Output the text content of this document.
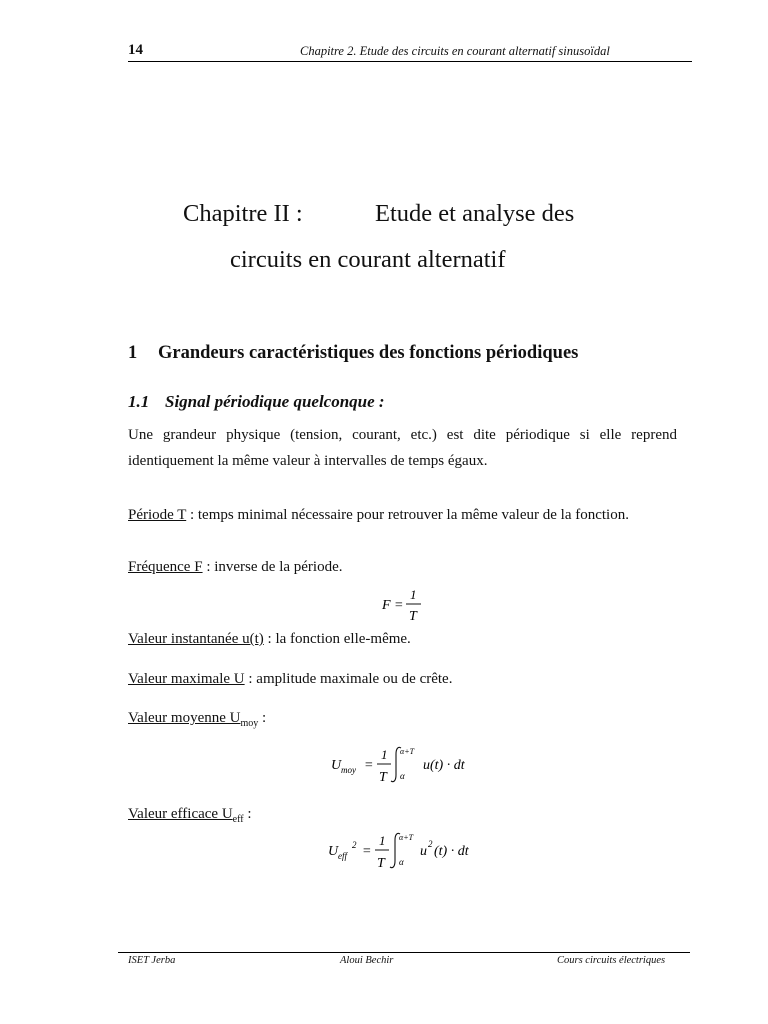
14	Chapitre 2. Etude des circuits en courant alternatif sinusoïdal
Chapitre II :	Etude et analyse des
circuits en courant alternatif
1 Grandeurs caractéristiques des fonctions périodiques
1.1 Signal périodique quelconque :
Une grandeur physique (tension, courant, etc.) est dite périodique si elle reprend identiquement la même valeur à intervalles de temps égaux.
Période T : temps minimal nécessaire pour retrouver la même valeur de la fonction.
Fréquence F : inverse de la période.
F =
1
T
Valeur instantanée u(t) : la fonction elle-même.
Valeur maximale U : amplitude maximale ou de crête.
Valeur moyenne $U_{moy}$ :
U moy =
1
T
α+T
α
u(t) · dt
Valeur efficace $U_{eff}$ :
U eff
2 =
1
T
α+T
α
u 2 (t) · dt
ISET Jerba	Aloui Bechir	Cours circuits électriques
